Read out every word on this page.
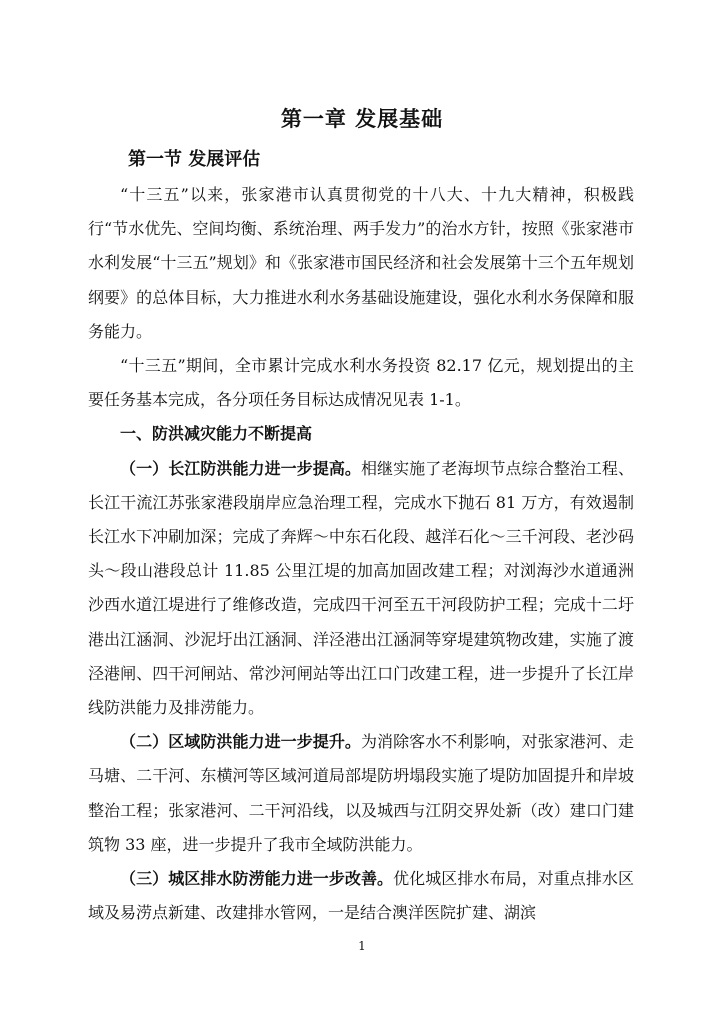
第一章 发展基础
第一节 发展评估

“十三五”以来，张家港市认真贯彻党的十八大、十九大精神，积极践行“节水优先、空间均衡、系统治理、两手发力”的治水方针，按照《张家港市水利发展“十三五”规划》和《张家港市国民经济和社会发展第十三个五年规划纲要》的总体目标，大力推进水利水务基础设施建设，强化水利水务保障和服务能力。

“十三五”期间，全市累计完成水利水务投资 82.17 亿元，规划提出的主要任务基本完成，各分项任务目标达成情况见表 1-1。

一、防洪减灾能力不断提高

（一）长江防洪能力进一步提高。相继实施了老海坝节点综合整治工程、长江干流江苏张家港段崩岸应急治理工程，完成水下抛石 81 万方，有效遏制长江水下冲刷加深；完成了奔辉～中东石化段、越洋石化～三千河段、老沙码头～段山港段总计 11.85 公里江堤的加高加固改建工程；对浏海沙水道通洲沙西水道江堤进行了维修改造，完成四干河至五干河段防护工程；完成十二圩港出江涵洞、沙泥圩出江涵洞、洋泾港出江涵洞等穿堤建筑物改建，实施了渡泾港闸、四干河闸站、常沙河闸站等出江口门改建工程，进一步提升了长江岸线防洪能力及排涝能力。

（二）区域防洪能力进一步提升。为消除客水不利影响，对张家港河、走马塘、二干河、东横河等区域河道局部堤防坍塌段实施了堤防加固提升和岸坡整治工程；张家港河、二干河沿线，以及城西与江阴交界处新（改）建口门建筑物 33 座，进一步提升了我市全域防洪能力。

（三）城区排水防涝能力进一步改善。优化城区排水布局，对重点排水区域及易涝点新建、改建排水管网，一是结合澳洋医院扩建、湖滨

1
